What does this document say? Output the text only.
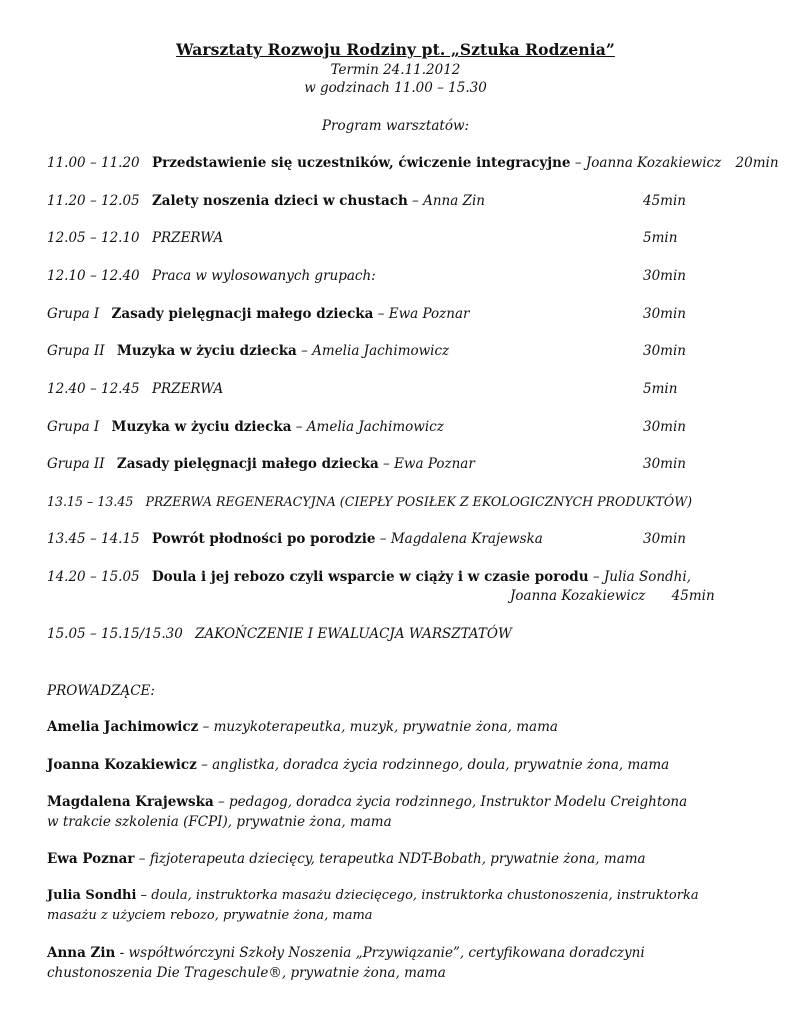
Warsztaty Rozwoju Rodziny pt. „Sztuka Rodzenia”
Termin 24.11.2012
w godzinach 11.00 – 15.30
Program warsztatów:
11.00 – 11.20 Przedstawienie się uczestników, ćwiczenie integracyjne – Joanna Kozakiewicz 20min
11.20 – 12.05 Zalety noszenia dzieci w chustach – Anna Zin	45min
12.05 – 12.10 PRZERWA	5min
12.10 – 12.40 Praca w wylosowanych grupach:	30min
Grupa I Zasady pielęgnacji małego dziecka – Ewa Poznar	30min
Grupa II Muzyka w życiu dziecka – Amelia Jachimowicz	30min
12.40 – 12.45 PRZERWA	5min
Grupa I Muzyka w życiu dziecka – Amelia Jachimowicz	30min
Grupa II Zasady pielęgnacji małego dziecka – Ewa Poznar	30min
13.15 – 13.45 PRZERWA REGENERACYJNA (CIEPŁY POSIŁEK Z EKOLOGICZNYCH PRODUKTÓW)
13.45 – 14.15 Powrót płodności po porodzie – Magdalena Krajewska	30min
14.20 – 15.05 Doula i jej rebozo czyli wsparcie w ciąży i w czasie porodu – Julia Sondhi,
Joanna Kozakiewicz 45min
15.05 – 15.15/15.30 ZAKOŃCZENIE I EWALUACJA WARSZTATÓW
PROWADZĄCE:
Amelia Jachimowicz – muzykoterapeutka, muzyk, prywatnie żona, mama
Joanna Kozakiewicz – anglistka, doradca życia rodzinnego, doula, prywatnie żona, mama
Magdalena Krajewska – pedagog, doradca życia rodzinnego, Instruktor Modelu Creightona
w trakcie szkolenia (FCPI), prywatnie żona, mama
Ewa Poznar – fizjoterapeuta dziecięcy, terapeutka NDT-Bobath, prywatnie żona, mama
Julia Sondhi – doula, instruktorka masażu dziecięcego, instruktorka chustonoszenia, instruktorka
masażu z użyciem rebozo, prywatnie żona, mama
Anna Zin - współtwórczyni Szkoły Noszenia „Przywiązanie”, certyfikowana doradczyni
chustonoszenia Die Trageschule®, prywatnie żona, mama
